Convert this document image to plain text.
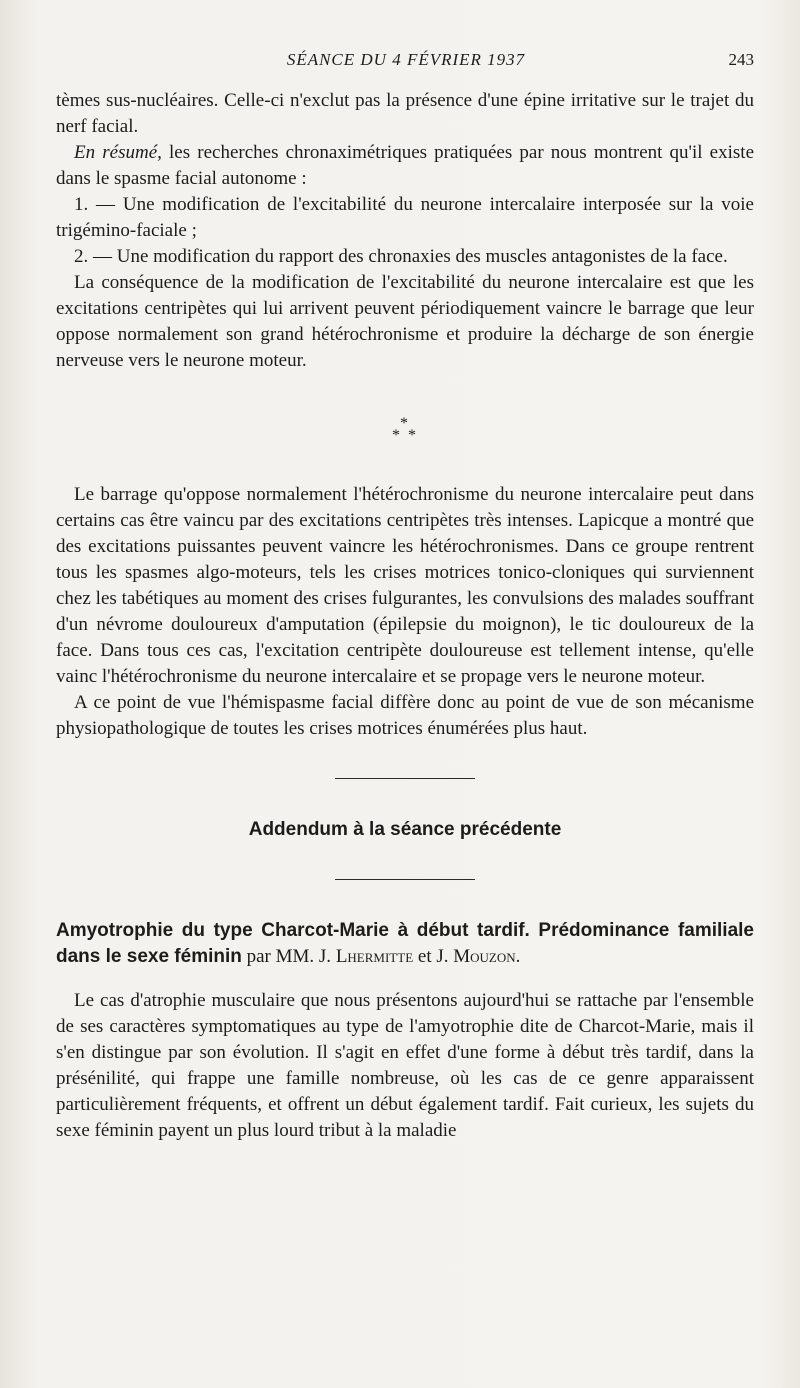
SÉANCE DU 4 FÉVRIER 1937	243

tèmes sus-nucléaires. Celle-ci n'exclut pas la présence d'une épine irritative sur le trajet du nerf facial.

En résumé, les recherches chronaximétriques pratiquées par nous montrent qu'il existe dans le spasme facial autonome :

1. — Une modification de l'excitabilité du neurone intercalaire interposée sur la voie trigémino-faciale ;

2. — Une modification du rapport des chronaxies des muscles antagonistes de la face.

La conséquence de la modification de l'excitabilité du neurone intercalaire est que les excitations centripètes qui lui arrivent peuvent périodiquement vaincre le barrage que leur oppose normalement son grand hétérochronisme et produire la décharge de son énergie nerveuse vers le neurone moteur.

*
* *

Le barrage qu'oppose normalement l'hétérochronisme du neurone intercalaire peut dans certains cas être vaincu par des excitations centripètes très intenses. Lapicque a montré que des excitations puissantes peuvent vaincre les hétérochronismes. Dans ce groupe rentrent tous les spasmes algo-moteurs, tels les crises motrices tonico-cloniques qui surviennent chez les tabétiques au moment des crises fulgurantes, les convulsions des malades souffrant d'un névrome douloureux d'amputation (épilepsie du moignon), le tic douloureux de la face. Dans tous ces cas, l'excitation centripète douloureuse est tellement intense, qu'elle vainc l'hétérochronisme du neurone intercalaire et se propage vers le neurone moteur.

A ce point de vue l'hémispasme facial diffère donc au point de vue de son mécanisme physiopathologique de toutes les crises motrices énumérées plus haut.

Addendum à la séance précédente

Amyotrophie du type Charcot-Marie à début tardif. Prédominance familiale dans le sexe féminin par MM. J. Lhermitte et J. Mouzon.

Le cas d'atrophie musculaire que nous présentons aujourd'hui se rattache par l'ensemble de ses caractères symptomatiques au type de l'amyotrophie dite de Charcot-Marie, mais il s'en distingue par son évolution. Il s'agit en effet d'une forme à début très tardif, dans la présénilité, qui frappe une famille nombreuse, où les cas de ce genre apparaissent particulièrement fréquents, et offrent un début également tardif. Fait curieux, les sujets du sexe féminin payent un plus lourd tribut à la maladie
